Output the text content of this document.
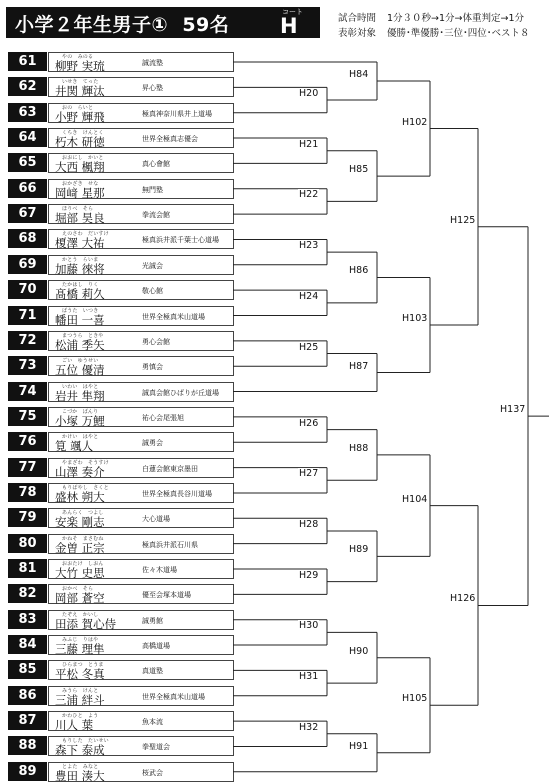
小学２年生男子① 59名
コート
H	試合時間 1分３０秒→1分→体重判定→1分
表彰対象 優勝･準優勝･三位･四位･ベスト８
61	やの　みのる
柳野 実琉	誠流塾
62	いせき　てった
井関 輝汰	昇心塾
63	おの　らいと
小野 輝飛	極真神奈川県井上道場
64	くちき　けんとく
朽木 研徳	世界全極真志優会
65	おおにし　かいと
大西 楓翔	真心會館
66	おかざき　せな
岡﨑 星那	無門塾
67	ほりべ　そら
堀部 昊良	拳流会館
68	えのさわ　だいすけ
榎澤 大祐	極真浜井派千葉士心道場
69	かとう　らいま
加藤 徠将	光誠会
70	たかはし　りく
髙橋 莉久	敬心館
71	ばうた　いつき
幡田 一喜	世界全極真米山道場
72	まつうら　ときや
松浦 季矢	勇心会館
73	ごい　ゆうせい
五位 優清	勇慎会
74	いわい　はやと
岩井 隼翔	誠真会館ひばりが丘道場
75	こづか　ばんり
小塚 万鯉	祐心会尾張旭
76	かけい　はやと
筧 颯人	誠勇会
77	やまざわ　そうすけ
山澤 奏介	白蓮会館東京墨田
78	もりばやし　さくと
盛林 朔大	世界全極真長谷川道場
79	あんらく　つよし
安楽 剛志	大心道場
80	かねそ　まさむね
金曽 正宗	極真浜井派石川県
81	おおたけ　しおん
大竹 史思	佐々木道場
82	おかべ　そら
岡部 蒼空	優至会塚本道場
83	たぞえ　かいし
田添 賀心侍	誠勇館
84	みふじ　りはや
三藤 理隼	高橋道場
85	ひらまつ　とうま
平松 冬真	真道塾
86	みうら　けんと
三浦 絆斗	世界全極真米山道場
87	かわひと　よう
川人 葉	魚本流
88	もりした　たいせい
森下 泰成	拳聖道会
89	とよた　みなと
豊田 湊大	桜武会
H20
H21
H22
H23
H24
H25
H26
H27
H28
H29
H30
H31
H32
H84
H85
H86
H87
H88
H89
H90
H91
H102
H103
H104
H105
H125
H126
H137
